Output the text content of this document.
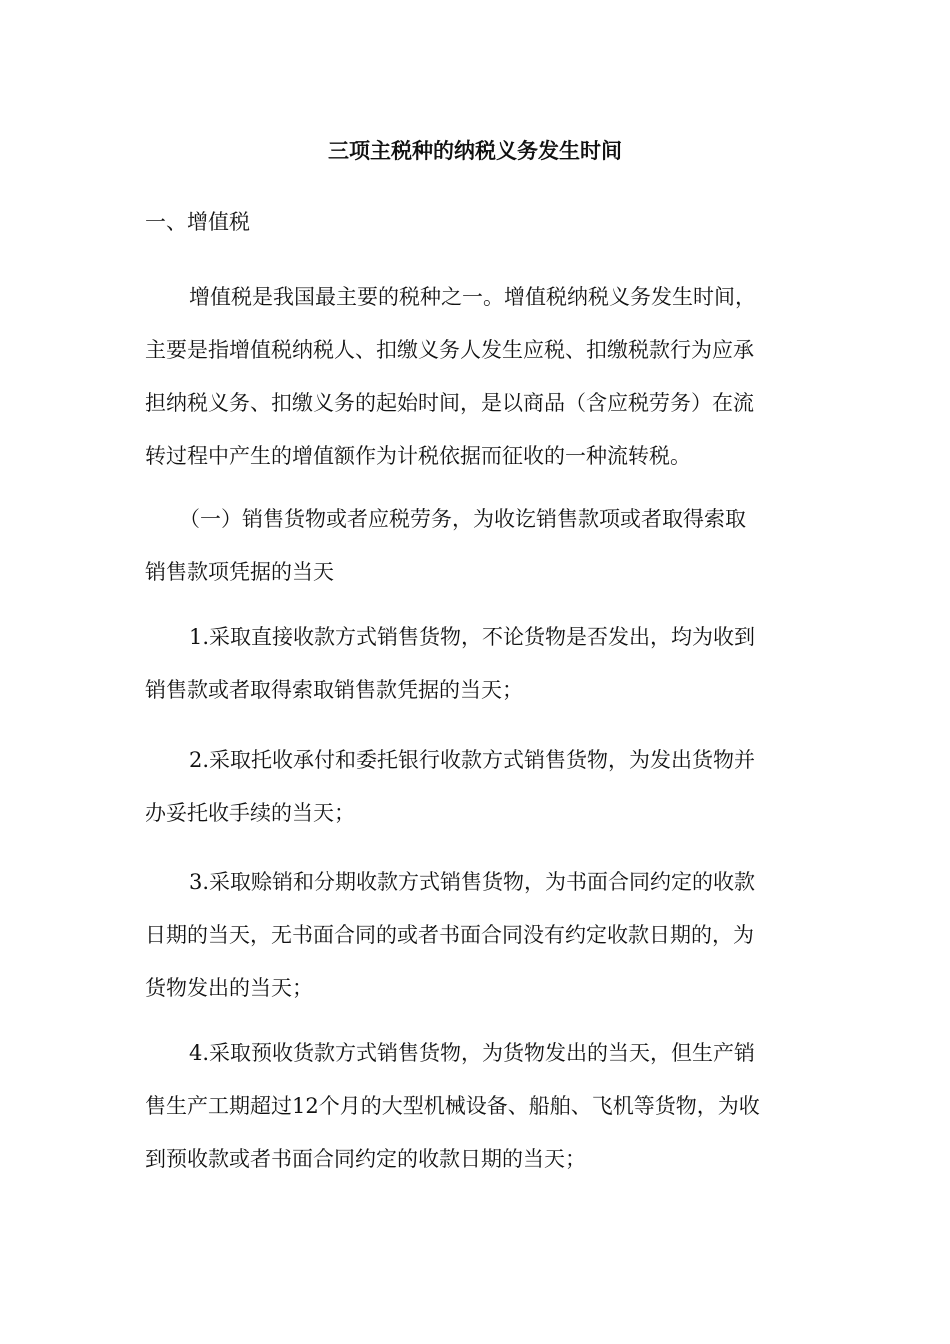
三项主税种的纳税义务发生时间
一、增值税
增值税是我国最主要的税种之一。增值税纳税义务发生时间，
主要是指增值税纳税人、扣缴义务人发生应税、扣缴税款行为应承
担纳税义务、扣缴义务的起始时间，是以商品（含应税劳务）在流
转过程中产生的增值额作为计税依据而征收的一种流转税。
（一）销售货物或者应税劳务，为收讫销售款项或者取得索取
销售款项凭据的当天
1.采取直接收款方式销售货物，不论货物是否发出，均为收到
销售款或者取得索取销售款凭据的当天；
2.采取托收承付和委托银行收款方式销售货物，为发出货物并
办妥托收手续的当天；
3.采取赊销和分期收款方式销售货物，为书面合同约定的收款
日期的当天，无书面合同的或者书面合同没有约定收款日期的，为
货物发出的当天；
4.采取预收货款方式销售货物，为货物发出的当天，但生产销
售生产工期超过12个月的大型机械设备、船舶、飞机等货物，为收
到预收款或者书面合同约定的收款日期的当天；
